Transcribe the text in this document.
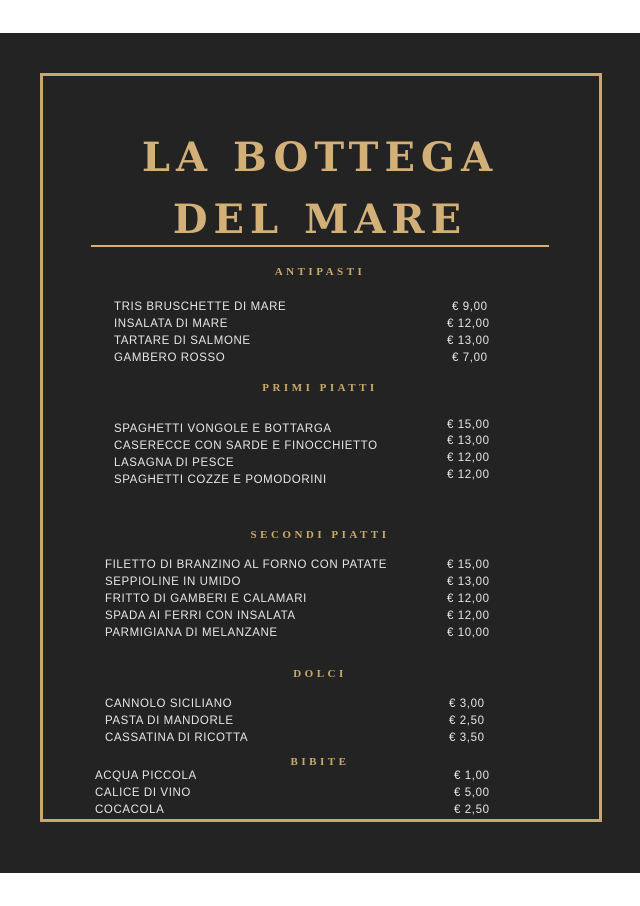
LA BOTTEGA
DEL MARE
ANTIPASTI
TRIS BRUSCHETTE DI MARE	€ 9,00
INSALATA DI MARE	€ 12,00
TARTARE DI SALMONE	€ 13,00
GAMBERO ROSSO	€ 7,00
PRIMI PIATTI
SPAGHETTI VONGOLE E BOTTARGA	€ 15,00
CASERECCE CON SARDE E FINOCCHIETTO	€ 13,00
LASAGNA DI PESCE	€ 12,00
SPAGHETTI COZZE E POMODORINI	€ 12,00
SECONDI PIATTI
FILETTO DI BRANZINO AL FORNO CON PATATE	€ 15,00
SEPPIOLINE IN UMIDO	€ 13,00
FRITTO DI GAMBERI E CALAMARI	€ 12,00
SPADA AI FERRI CON INSALATA	€ 12,00
PARMIGIANA DI MELANZANE	€ 10,00
DOLCI
CANNOLO SICILIANO	€ 3,00
PASTA DI MANDORLE	€ 2,50
CASSATINA DI RICOTTA	€ 3,50
BIBITE
ACQUA PICCOLA	€ 1,00
CALICE DI VINO	€ 5,00
COCACOLA	€ 2,50
